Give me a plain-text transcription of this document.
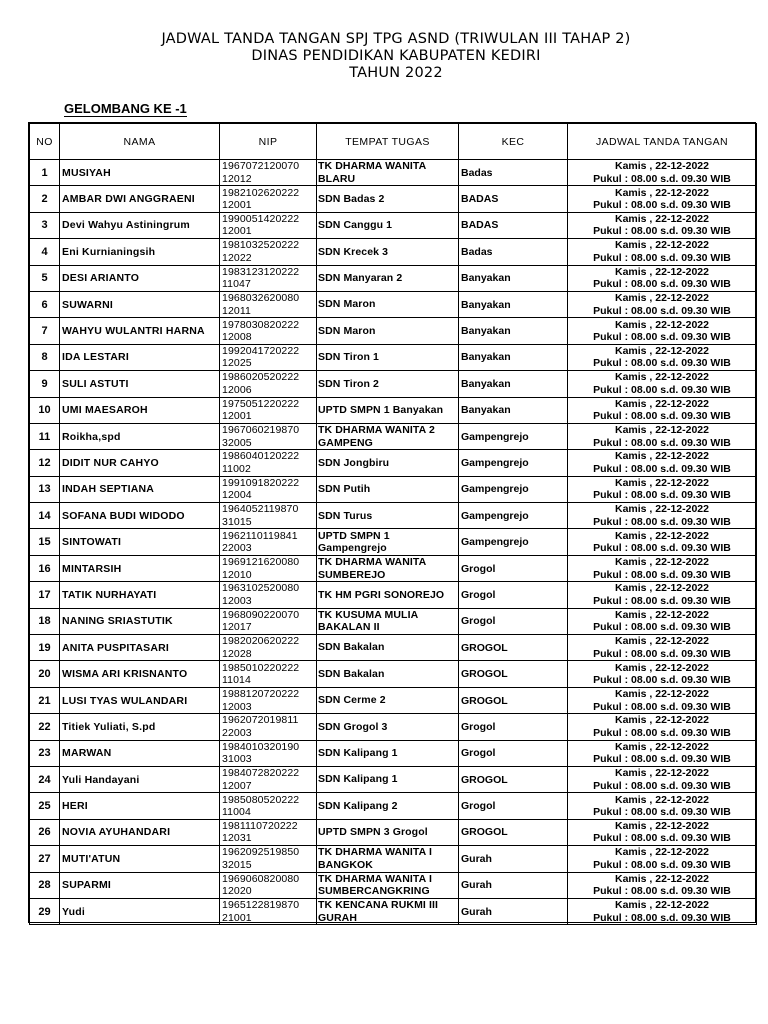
JADWAL TANDA TANGAN SPJ TPG ASND (TRIWULAN III TAHAP 2)
DINAS PENDIDIKAN KABUPATEN KEDIRI
TAHUN 2022
GELOMBANG KE -1
NO	NAMA	NIP	TEMPAT TUGAS	KEC	JADWAL TANDA TANGAN
1	MUSIYAH	1967072120070
12012	TK DHARMA WANITA
BLARU	Badas	Kamis , 22-12-2022
Pukul : 08.00 s.d. 09.30 WIB

2	AMBAR DWI ANGGRAENI	1982102620222
12001	SDN Badas 2	BADAS	Kamis , 22-12-2022
Pukul : 08.00 s.d. 09.30 WIB

3	Devi Wahyu Astiningrum	1990051420222
12001	SDN Canggu 1	BADAS	Kamis , 22-12-2022
Pukul : 08.00 s.d. 09.30 WIB

4	Eni Kurnianingsih	1981032520222
12022	SDN Krecek 3	Badas	Kamis , 22-12-2022
Pukul : 08.00 s.d. 09.30 WIB

5	DESI ARIANTO	1983123120222
11047	SDN Manyaran 2	Banyakan	Kamis , 22-12-2022
Pukul : 08.00 s.d. 09.30 WIB

6	SUWARNI	1968032620080
12011	SDN Maron	Banyakan	Kamis , 22-12-2022
Pukul : 08.00 s.d. 09.30 WIB

7	WAHYU WULANTRI HARNA	1978030820222
12008	SDN Maron	Banyakan	Kamis , 22-12-2022
Pukul : 08.00 s.d. 09.30 WIB

8	IDA LESTARI	1992041720222
12025	SDN Tiron 1	Banyakan	Kamis , 22-12-2022
Pukul : 08.00 s.d. 09.30 WIB

9	SULI ASTUTI	1986020520222
12006	SDN Tiron 2	Banyakan	Kamis , 22-12-2022
Pukul : 08.00 s.d. 09.30 WIB

10	UMI MAESAROH	1975051220222
12001	UPTD SMPN 1 Banyakan	Banyakan	Kamis , 22-12-2022
Pukul : 08.00 s.d. 09.30 WIB

11	Roikha,spd	1967060219870
32005	TK DHARMA WANITA 2
GAMPENG	Gampengrejo	Kamis , 22-12-2022
Pukul : 08.00 s.d. 09.30 WIB

12	DIDIT NUR CAHYO	1986040120222
11002	SDN Jongbiru	Gampengrejo	Kamis , 22-12-2022
Pukul : 08.00 s.d. 09.30 WIB

13	INDAH SEPTIANA	1991091820222
12004	SDN Putih	Gampengrejo	Kamis , 22-12-2022
Pukul : 08.00 s.d. 09.30 WIB

14	SOFANA BUDI WIDODO	1964052119870
31015	SDN Turus	Gampengrejo	Kamis , 22-12-2022
Pukul : 08.00 s.d. 09.30 WIB

15	SINTOWATI	1962110119841
22003	UPTD SMPN 1
Gampengrejo	Gampengrejo	Kamis , 22-12-2022
Pukul : 08.00 s.d. 09.30 WIB

16	MINTARSIH	1969121620080
12010	TK DHARMA WANITA
SUMBEREJO	Grogol	Kamis , 22-12-2022
Pukul : 08.00 s.d. 09.30 WIB

17	TATIK NURHAYATI	1963102520080
12003	TK HM PGRI SONOREJO	Grogol	Kamis , 22-12-2022
Pukul : 08.00 s.d. 09.30 WIB

18	NANING SRIASTUTIK	1968090220070
12017	TK KUSUMA MULIA
BAKALAN II	Grogol	Kamis , 22-12-2022
Pukul : 08.00 s.d. 09.30 WIB

19	ANITA PUSPITASARI	1982020620222
12028	SDN Bakalan	GROGOL	Kamis , 22-12-2022
Pukul : 08.00 s.d. 09.30 WIB

20	WISMA ARI KRISNANTO	1985010220222
11014	SDN Bakalan	GROGOL	Kamis , 22-12-2022
Pukul : 08.00 s.d. 09.30 WIB

21	LUSI TYAS WULANDARI	1988120720222
12003	SDN Cerme 2	GROGOL	Kamis , 22-12-2022
Pukul : 08.00 s.d. 09.30 WIB

22	Titiek Yuliati, S.pd	1962072019811
22003	SDN Grogol 3	Grogol	Kamis , 22-12-2022
Pukul : 08.00 s.d. 09.30 WIB

23	MARWAN	1984010320190
31003	SDN Kalipang 1	Grogol	Kamis , 22-12-2022
Pukul : 08.00 s.d. 09.30 WIB

24	Yuli Handayani	1984072820222
12007	SDN Kalipang 1	GROGOL	Kamis , 22-12-2022
Pukul : 08.00 s.d. 09.30 WIB

25	HERI	1985080520222
11004	SDN Kalipang 2	Grogol	Kamis , 22-12-2022
Pukul : 08.00 s.d. 09.30 WIB

26	NOVIA AYUHANDARI	1981110720222
12031	UPTD SMPN 3 Grogol	GROGOL	Kamis , 22-12-2022
Pukul : 08.00 s.d. 09.30 WIB

27	MUTI'ATUN	1962092519850
32015	TK DHARMA WANITA I
BANGKOK	Gurah	Kamis , 22-12-2022
Pukul : 08.00 s.d. 09.30 WIB

28	SUPARMI	1969060820080
12020	TK DHARMA WANITA I
SUMBERCANGKRING	Gurah	Kamis , 22-12-2022
Pukul : 08.00 s.d. 09.30 WIB

29	Yudi	1965122819870
21001	TK KENCANA RUKMI III
GURAH	Gurah	Kamis , 22-12-2022
Pukul : 08.00 s.d. 09.30 WIB
